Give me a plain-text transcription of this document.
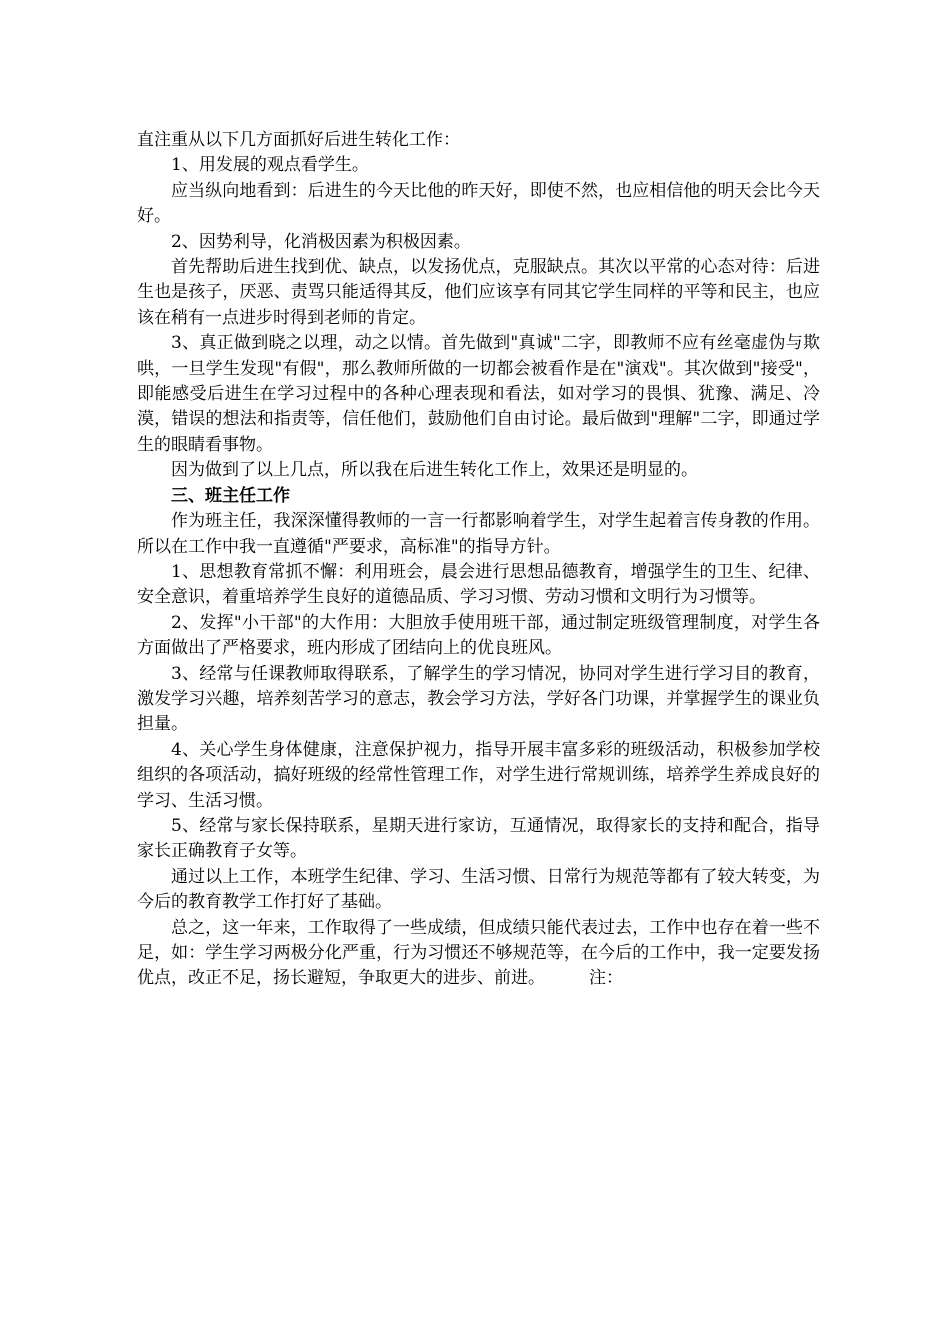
直注重从以下几方面抓好后进生转化工作：

1、用发展的观点看学生。

应当纵向地看到：后进生的今天比他的昨天好，即使不然，也应相信他的明天会比今天好。

2、因势利导，化消极因素为积极因素。

首先帮助后进生找到优、缺点，以发扬优点，克服缺点。其次以平常的心态对待：后进生也是孩子，厌恶、责骂只能适得其反，他们应该享有同其它学生同样的平等和民主，也应该在稍有一点进步时得到老师的肯定。

3、真正做到晓之以理，动之以情。首先做到"真诚"二字，即教师不应有丝毫虚伪与欺哄，一旦学生发现"有假"，那么教师所做的一切都会被看作是在"演戏"。其次做到"接受"，即能感受后进生在学习过程中的各种心理表现和看法，如对学习的畏惧、犹豫、满足、冷漠，错误的想法和指责等，信任他们，鼓励他们自由讨论。最后做到"理解"二字，即通过学生的眼睛看事物。

因为做到了以上几点，所以我在后进生转化工作上，效果还是明显的。

三、班主任工作

作为班主任，我深深懂得教师的一言一行都影响着学生，对学生起着言传身教的作用。所以在工作中我一直遵循"严要求，高标准"的指导方针。

1、思想教育常抓不懈：利用班会，晨会进行思想品德教育，增强学生的卫生、纪律、安全意识，着重培养学生良好的道德品质、学习习惯、劳动习惯和文明行为习惯等。

2、发挥"小干部"的大作用：大胆放手使用班干部，通过制定班级管理制度，对学生各方面做出了严格要求，班内形成了团结向上的优良班风。

3、经常与任课教师取得联系，了解学生的学习情况，协同对学生进行学习目的教育，激发学习兴趣，培养刻苦学习的意志，教会学习方法，学好各门功课，并掌握学生的课业负担量。

4、关心学生身体健康，注意保护视力，指导开展丰富多彩的班级活动，积极参加学校组织的各项活动，搞好班级的经常性管理工作，对学生进行常规训练，培养学生养成良好的学习、生活习惯。

5、经常与家长保持联系，星期天进行家访，互通情况，取得家长的支持和配合，指导家长正确教育子女等。

通过以上工作，本班学生纪律、学习、生活习惯、日常行为规范等都有了较大转变，为今后的教育教学工作打好了基础。

总之，这一年来，工作取得了一些成绩，但成绩只能代表过去，工作中也存在着一些不足，如：学生学习两极分化严重，行为习惯还不够规范等，在今后的工作中，我一定要发扬优点，改正不足，扬长避短，争取更大的进步、前进。	注：
